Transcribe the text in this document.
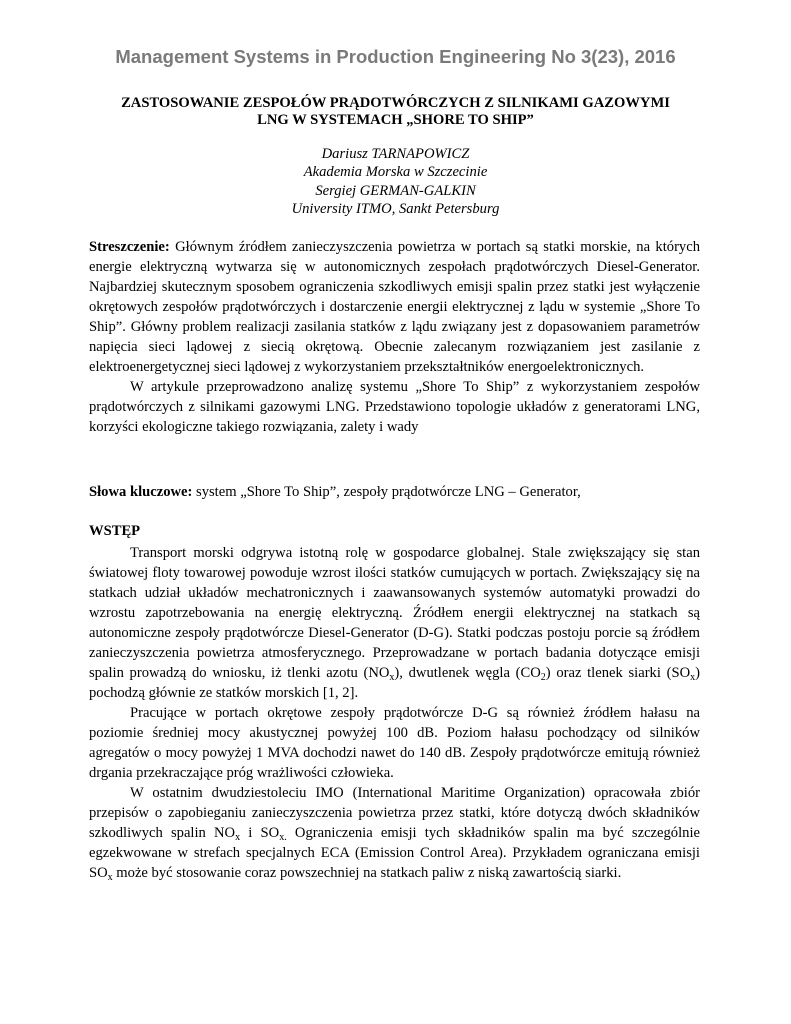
Management Systems in Production Engineering No 3(23), 2016
ZASTOSOWANIE ZESPOŁÓW PRĄDOTWÓRCZYCH Z SILNIKAMI GAZOWYMI
LNG W SYSTEMACH „SHORE TO SHIP”
Dariusz TARNAPOWICZ
Akademia Morska w Szczecinie
Sergiej GERMAN-GALKIN
University ITMO, Sankt Petersburg

Streszczenie: Głównym źródłem zanieczyszczenia powietrza w portach są statki morskie, na których energie elektryczną wytwarza się w autonomicznych zespołach prądotwórczych Diesel-Generator. Najbardziej skutecznym sposobem ograniczenia szkodliwych emisji spalin przez statki jest wyłączenie okrętowych zespołów prądotwórczych i dostarczenie energii elektrycznej z lądu w systemie „Shore To Ship”. Główny problem realizacji zasilania statków z lądu związany jest z dopasowaniem parametrów napięcia sieci lądowej z siecią okrętową. Obecnie zalecanym rozwiązaniem jest zasilanie z elektroenergetycznej sieci lądowej z wykorzystaniem przekształtników energoelektronicznych.

W artykule przeprowadzono analizę systemu „Shore To Ship” z wykorzystaniem zespołów prądotwórczych z silnikami gazowymi LNG. Przedstawiono topologie układów z generatorami LNG, korzyści ekologiczne takiego rozwiązania, zalety i wady

Słowa kluczowe: system „Shore To Ship”, zespoły prądotwórcze LNG – Generator,

WSTĘP

Transport morski odgrywa istotną rolę w gospodarce globalnej. Stale zwiększający się stan światowej floty towarowej powoduje wzrost ilości statków cumujących w portach. Zwiększający się na statkach udział układów mechatronicznych i zaawansowanych systemów automatyki prowadzi do wzrostu zapotrzebowania na energię elektryczną. Źródłem energii elektrycznej na statkach są autonomiczne zespoły prądotwórcze Diesel-Generator (D-G). Statki podczas postoju porcie są źródłem zanieczyszczenia powietrza atmosferycznego. Przeprowadzane w portach badania dotyczące emisji spalin prowadzą do wniosku, iż tlenki azotu $(NO_x)$, dwutlenek węgla $(CO_2)$ oraz tlenek siarki $(SO_x)$ pochodzą głównie ze statków morskich [1, 2].

Pracujące w portach okrętowe zespoły prądotwórcze D-G są również źródłem hałasu na poziomie średniej mocy akustycznej powyżej 100 dB. Poziom hałasu pochodzący od silników agregatów o mocy powyżej 1 MVA dochodzi nawet do 140 dB. Zespoły prądotwórcze emitują również drgania przekraczające próg wrażliwości człowieka.

W ostatnim dwudziestoleciu IMO (International Maritime Organization) opracowała zbiór przepisów o zapobieganiu zanieczyszczenia powietrza przez statki, które dotyczą dwóch składników szkodliwych spalin $NO_x$ i $SO_{x.}$ Ograniczenia emisji tych składników spalin ma być szczególnie egzekwowane w strefach specjalnych ECA (Emission Control Area). Przykładem ograniczana emisji $SO_x$ może być stosowanie coraz powszechniej na statkach paliw z niską zawartością siarki.
